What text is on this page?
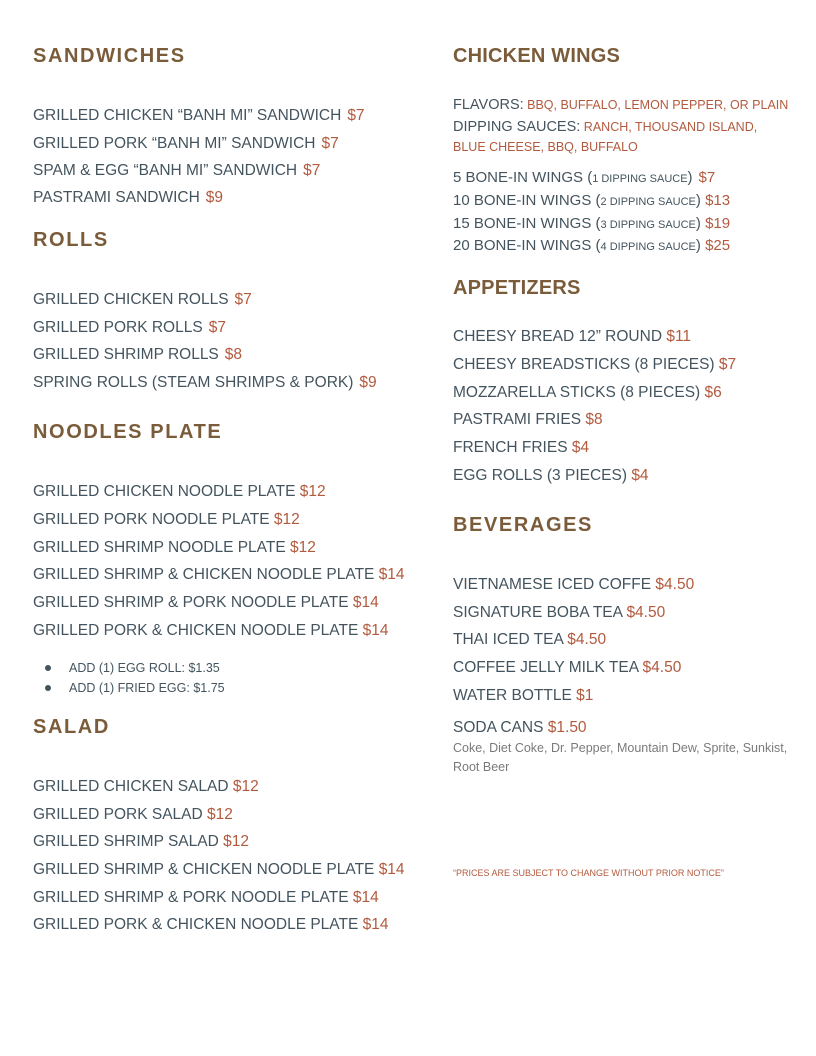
SANDWICHES
GRILLED CHICKEN “BANH MI” SANDWICH $7
GRILLED PORK “BANH MI” SANDWICH $7
SPAM & EGG “BANH MI” SANDWICH $7
PASTRAMI SANDWICH $9
ROLLS
GRILLED CHICKEN ROLLS $7
GRILLED PORK ROLLS $7
GRILLED SHRIMP ROLLS $8
SPRING ROLLS (STEAM SHRIMPS & PORK) $9
NOODLES PLATE
GRILLED CHICKEN NOODLE PLATE $12
GRILLED PORK NOODLE PLATE $12
GRILLED SHRIMP NOODLE PLATE $12
GRILLED SHRIMP & CHICKEN NOODLE PLATE $14
GRILLED SHRIMP & PORK NOODLE PLATE $14
GRILLED PORK & CHICKEN NOODLE PLATE $14
ADD (1) EGG ROLL: $1.35
ADD (1) FRIED EGG: $1.75
SALAD
GRILLED CHICKEN SALAD $12
GRILLED PORK SALAD $12
GRILLED SHRIMP SALAD $12
GRILLED SHRIMP & CHICKEN NOODLE PLATE $14
GRILLED SHRIMP & PORK NOODLE PLATE $14
GRILLED PORK & CHICKEN NOODLE PLATE $14
CHICKEN WINGS
FLAVORS: BBQ, BUFFALO, LEMON PEPPER, OR PLAIN
DIPPING SAUCES: RANCH, THOUSAND ISLAND,
BLUE CHEESE, BBQ, BUFFALO
5 BONE-IN WINGS (1 DIPPING SAUCE) $7
10 BONE-IN WINGS (2 DIPPING SAUCE) $13
15 BONE-IN WINGS (3 DIPPING SAUCE) $19
20 BONE-IN WINGS (4 DIPPING SAUCE) $25
APPETIZERS
CHEESY BREAD 12” ROUND $11
CHEESY BREADSTICKS (8 PIECES) $7
MOZZARELLA STICKS (8 PIECES) $6
PASTRAMI FRIES $8
FRENCH FRIES $4
EGG ROLLS (3 PIECES) $4
BEVERAGES
VIETNAMESE ICED COFFE $4.50
SIGNATURE BOBA TEA $4.50
THAI ICED TEA $4.50
COFFEE JELLY MILK TEA $4.50
WATER BOTTLE $1
SODA CANS $1.50
Coke, Diet Coke, Dr. Pepper, Mountain Dew, Sprite, Sunkist, Root Beer
“PRICES ARE SUBJECT TO CHANGE WITHOUT PRIOR NOTICE”
